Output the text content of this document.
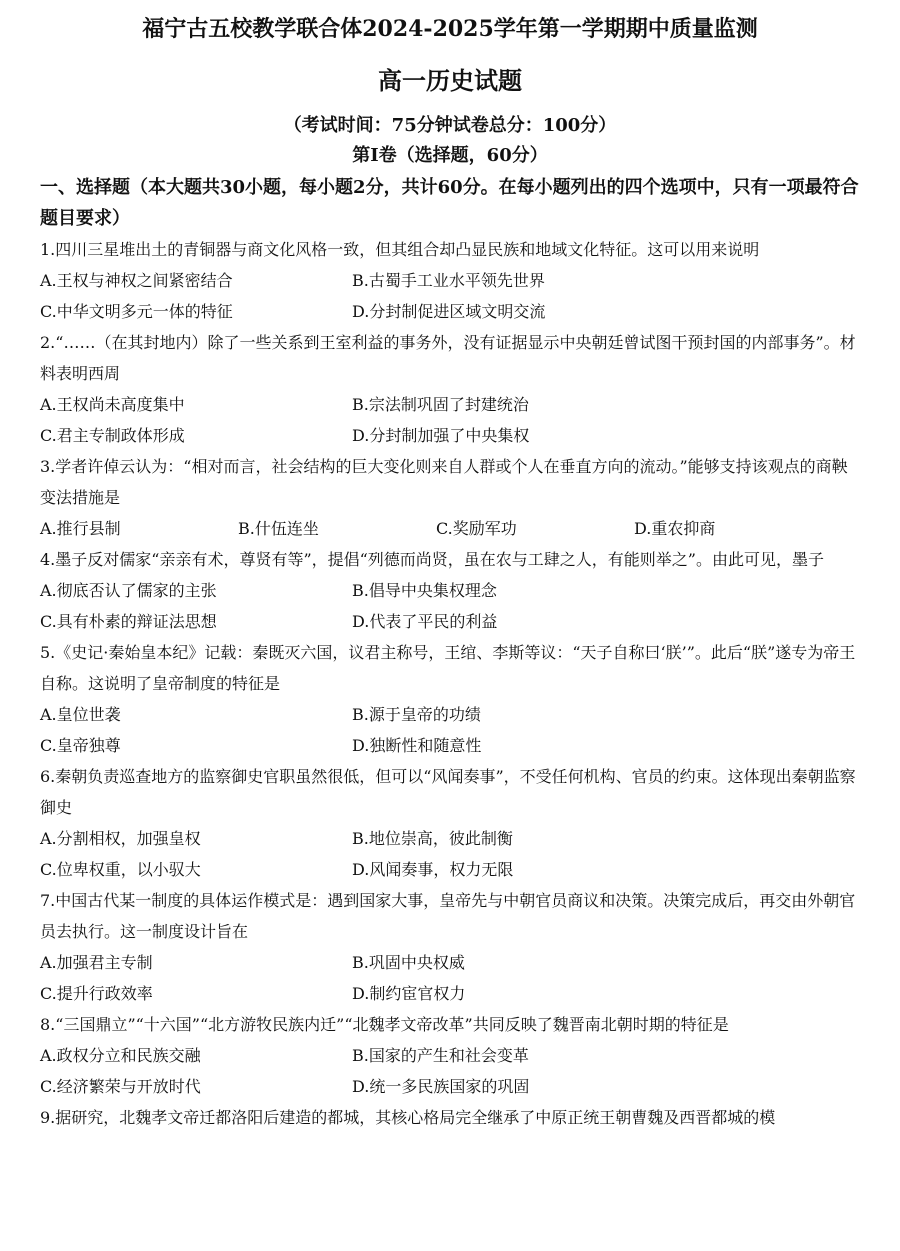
福宁古五校教学联合体2024-2025学年第一学期期中质量监测
高一历史试题
（考试时间：75分钟试卷总分：100分）
第Ⅰ卷（选择题，60分）
一、选择题（本大题共30小题，每小题2分，共计60分。在每小题列出的四个选项中，只有一项最符合题目要求）
1.四川三星堆出土的青铜器与商文化风格一致，但其组合却凸显民族和地域文化特征。这可以用来说明
A.王权与神权之间紧密结合	B.古蜀手工业水平领先世界
C.中华文明多元一体的特征	D.分封制促进区域文明交流
2.“……（在其封地内）除了一些关系到王室利益的事务外，没有证据显示中央朝廷曾试图干预封国的内部事务”。材料表明西周
A.王权尚未高度集中	B.宗法制巩固了封建统治
C.君主专制政体形成	D.分封制加强了中央集权
3.学者许倬云认为：“相对而言，社会结构的巨大变化则来自人群或个人在垂直方向的流动。”能够支持该观点的商鞅变法措施是
A.推行县制	B.什伍连坐	C.奖励军功	D.重农抑商
4.墨子反对儒家“亲亲有术，尊贤有等”，提倡“列德而尚贤，虽在农与工肆之人，有能则举之”。由此可见，墨子
A.彻底否认了儒家的主张	B.倡导中央集权理念
C.具有朴素的辩证法思想	D.代表了平民的利益
5.《史记·秦始皇本纪》记载：秦既灭六国，议君主称号，王绾、李斯等议：“天子自称曰‘朕’”。此后“朕”遂专为帝王自称。这说明了皇帝制度的特征是
A.皇位世袭	B.源于皇帝的功绩
C.皇帝独尊	D.独断性和随意性
6.秦朝负责巡查地方的监察御史官职虽然很低，但可以“风闻奏事”，不受任何机构、官员的约束。这体现出秦朝监察御史
A.分割相权，加强皇权	B.地位崇高，彼此制衡
C.位卑权重，以小驭大	D.风闻奏事，权力无限
7.中国古代某一制度的具体运作模式是：遇到国家大事，皇帝先与中朝官员商议和决策。决策完成后，再交由外朝官员去执行。这一制度设计旨在
A.加强君主专制	B.巩固中央权威
C.提升行政效率	D.制约宦官权力
8.“三国鼎立”“十六国”“北方游牧民族内迁”“北魏孝文帝改革”共同反映了魏晋南北朝时期的特征是
A.政权分立和民族交融	B.国家的产生和社会变革
C.经济繁荣与开放时代	D.统一多民族国家的巩固
9.据研究，北魏孝文帝迁都洛阳后建造的都城，其核心格局完全继承了中原正统王朝曹魏及西晋都城的模
